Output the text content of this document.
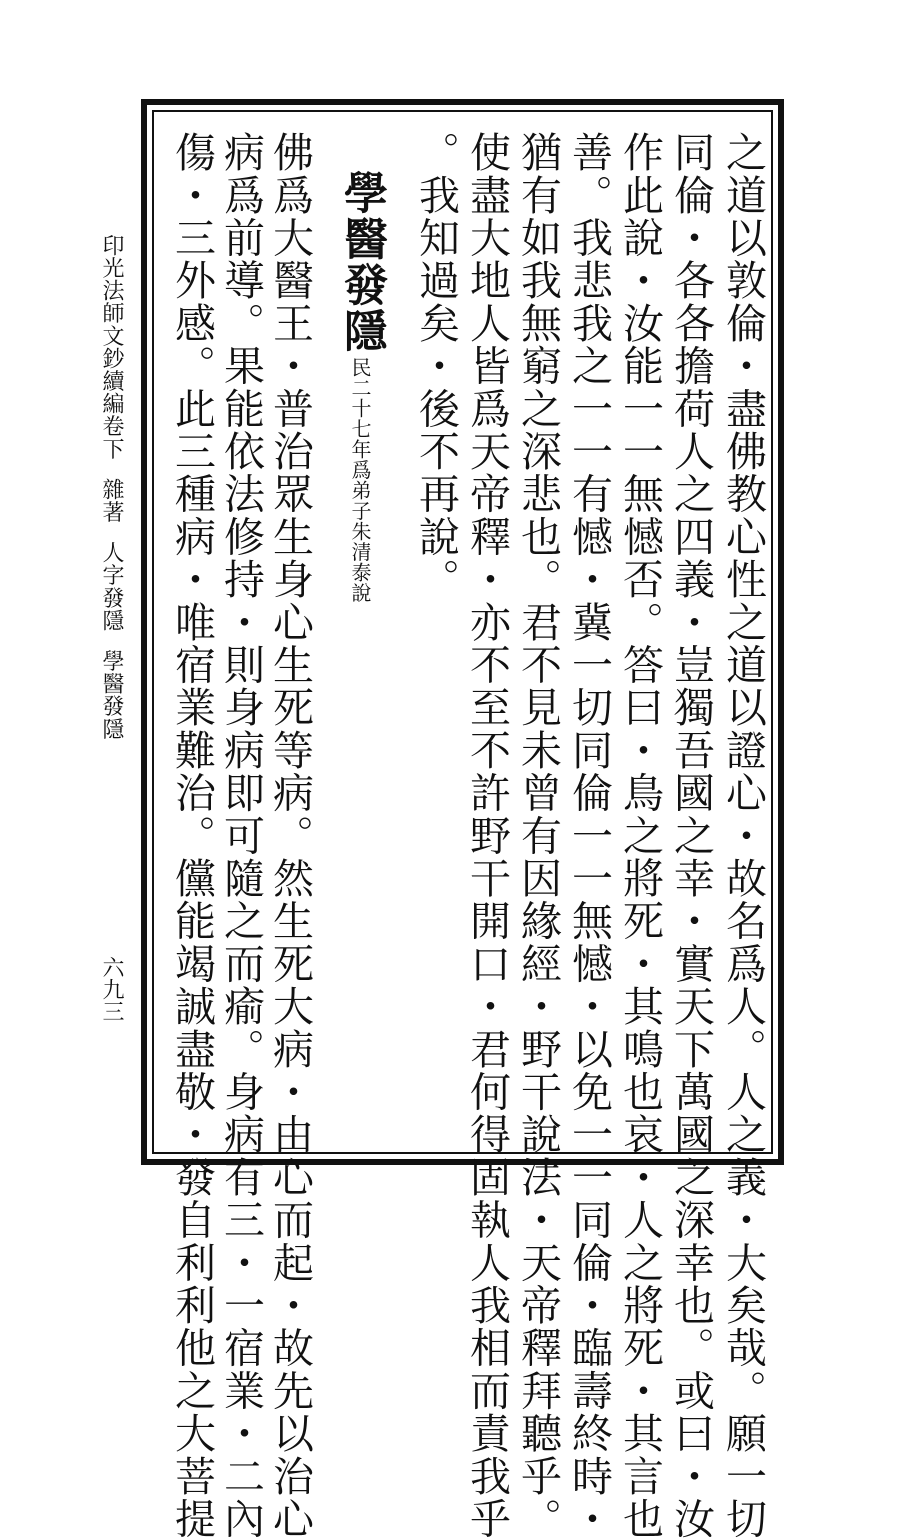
印光法師文鈔續編卷下雜著人字發隱學醫發隱
六九三	之道以敦倫・盡佛教心性之道以證心・故名爲人。人之義・大矣哉。願一切
同倫・各各擔荷人之四義・豈獨吾國之幸・實天下萬國之深幸也。或曰・汝
作此說・汝能一一無憾否。答曰・鳥之將死・其鳴也哀・人之將死・其言也
善。我悲我之一一有憾・冀一切同倫一一無憾・以免一一同倫・臨壽終時・
猶有如我無窮之深悲也。君不見未曾有因緣經・野干說法・天帝釋拜聽乎。
使盡大地人皆爲天帝釋・亦不至不許野干開口・君何得固執人我相而責我乎
。我知過矣・後不再說。
學醫發隱
民二十七年爲弟子朱清泰說
佛爲大醫王・普治眾生身心生死等病。然生死大病・由心而起・故先以治心
病爲前導。果能依法修持・則身病即可隨之而瘉。身病有三・一宿業・二內
傷・三外感。此三種病・唯宿業難治。儻能竭誠盡敬・發自利利他之大菩提
